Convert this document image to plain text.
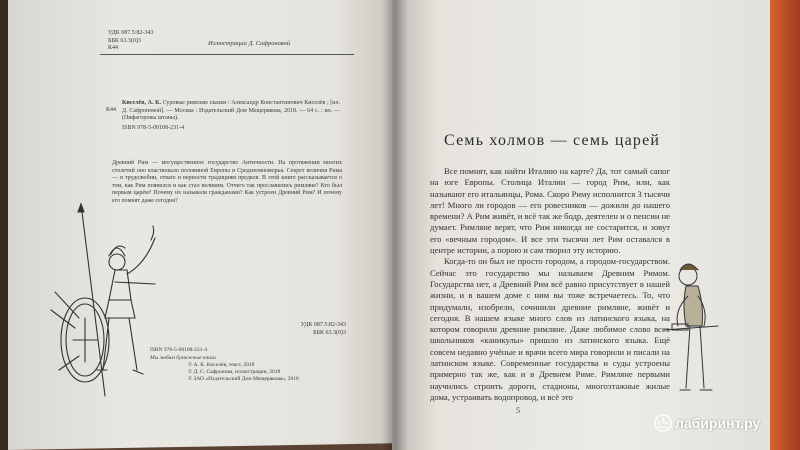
УДК 087.5:82-343
ББК 63.3(0)3
К44
Иллюстрации Д. Сафроновой
К44
Киселёв, А. К. Суровые римские сказки / Александр Константинович Киселёв ; [ил. Д. Сафроновой]. — Москва : Издательский Дом Мещерякова, 2018. — 64 с. : ил. — (Пифагоровы штаны).
ISBN 978-5-00108-231-4
Древний Рим — могущественное государство Античности. На протяжении многих столетий оно властвовало половиной Европы и Средиземноморья. Секрет величия Рима — в трудолюбии, отваге и верности традициям предков. В этой книге рассказывается о том, как Рим появился и как стал великим. Отчего так прославились римляне? Кто был первым царём? Почему их называли гражданами? Как устроен Древний Рим? И почему его помнят даже сегодня?
УДК 087.5:82-343
ББК 63.3(0)3
ISBN 978-5-00108-231-4
Мы любим бумажные книги
© А. К. Киселёв, текст, 2018
© Д. С. Сафронова, иллюстрации, 2018
© ЗАО «Издательский Дом Мещерякова», 2018
Семь холмов — семь царей

Все помнят, как найти Италию на карте? Да, тот самый сапог на юге Европы. Столица Италии — город Рим, или, как называют его итальянцы, Рома. Скоро Риму исполнится 3 тысячи лет! Много ли городов — его ровесников — дожили до нашего времени? А Рим живёт, и всё так же бодр, деятелен и о пенсии не думает. Римляне верят, что Рим никогда не состарится, и зовут его «вечным городом». И все эти тысячи лет Рим оставался в центре истории, а порою и сам творил эту историю.

Когда-то он был не просто городом, а городом-государством. Сейчас это государство мы называем Древним Римом. Государства нет, а Древний Рим всё равно присутствует в нашей жизни, и в вашем доме с ним вы тоже встречаетесь. То, что придумали, изобрели, сочинили древние римляне, живёт и сегодня. В нашем языке много слов из латинского языка, на котором говорили древние римляне. Даже любимое слово всех школьников «каникулы» пришло из латинского языка. Ещё совсем недавно учёные и врачи всего мира говорили и писали на латинском языке. Современные государства и суды устроены примерно так же, как и в Древнем Риме. Римляне первыми научились строить дороги, стадионы, многоэтажные жилые дома, устраивать водопровод, и всё это

5
лабиринт.ру
